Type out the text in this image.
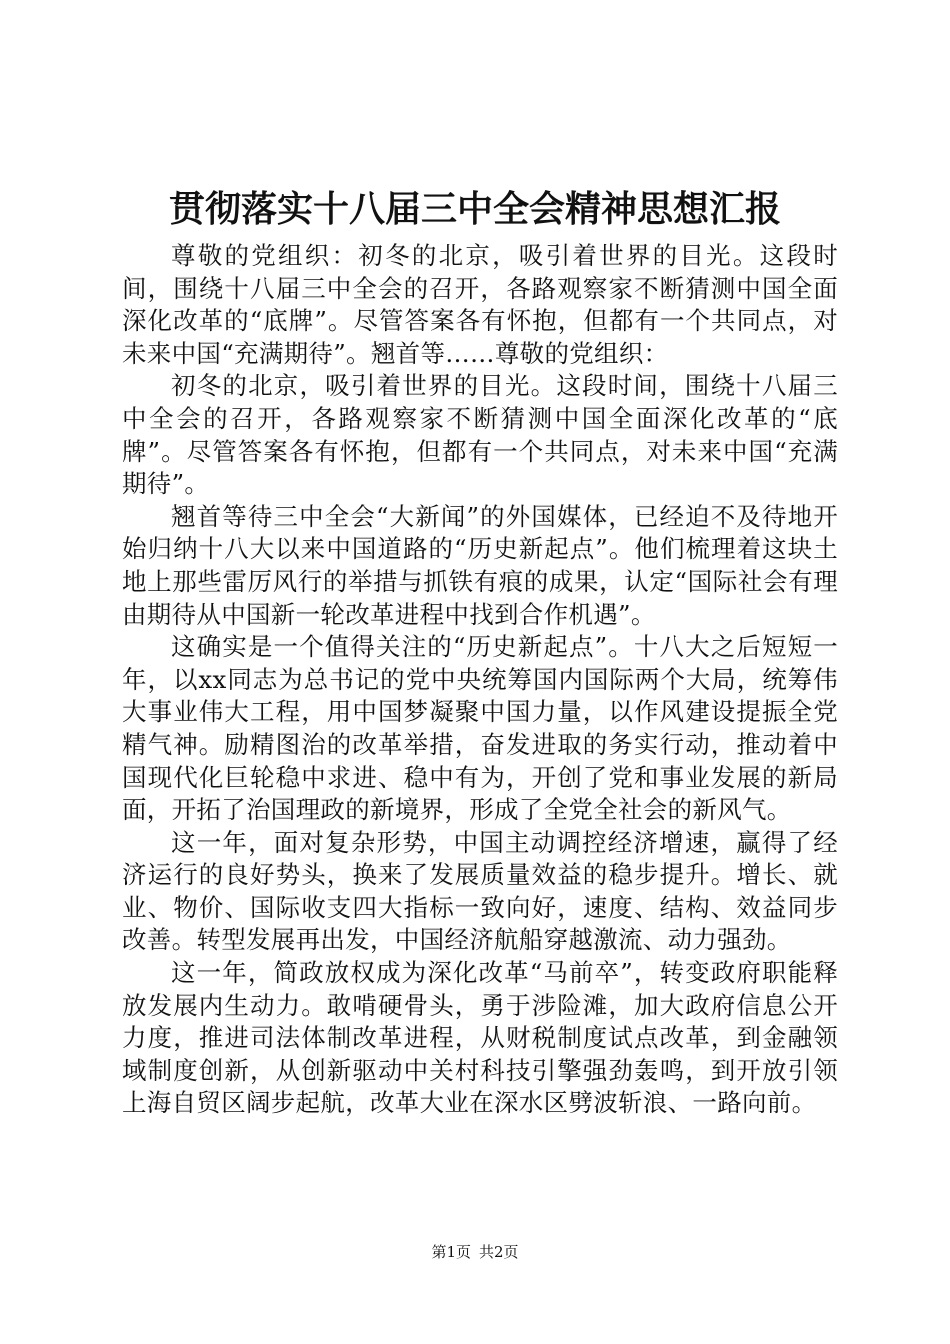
贯彻落实十八届三中全会精神思想汇报

尊敬的党组织：初冬的北京，吸引着世界的目光。这段时间，围绕十八届三中全会的召开，各路观察家不断猜测中国全面深化改革的“底牌”。尽管答案各有怀抱，但都有一个共同点，对未来中国“充满期待”。翘首等……尊敬的党组织：

初冬的北京，吸引着世界的目光。这段时间，围绕十八届三中全会的召开，各路观察家不断猜测中国全面深化改革的“底牌”。尽管答案各有怀抱，但都有一个共同点，对未来中国“充满期待”。

翘首等待三中全会“大新闻”的外国媒体，已经迫不及待地开始归纳十八大以来中国道路的“历史新起点”。他们梳理着这块土地上那些雷厉风行的举措与抓铁有痕的成果，认定“国际社会有理由期待从中国新一轮改革进程中找到合作机遇”。

这确实是一个值得关注的“历史新起点”。十八大之后短短一年，以xx同志为总书记的党中央统筹国内国际两个大局，统筹伟大事业伟大工程，用中国梦凝聚中国力量，以作风建设提振全党精气神。励精图治的改革举措，奋发进取的务实行动，推动着中国现代化巨轮稳中求进、稳中有为，开创了党和事业发展的新局面，开拓了治国理政的新境界，形成了全党全社会的新风气。

这一年，面对复杂形势，中国主动调控经济增速，赢得了经济运行的良好势头，换来了发展质量效益的稳步提升。增长、就业、物价、国际收支四大指标一致向好，速度、结构、效益同步改善。转型发展再出发，中国经济航船穿越激流、动力强劲。

这一年，简政放权成为深化改革“马前卒”，转变政府职能释放发展内生动力。敢啃硬骨头，勇于涉险滩，加大政府信息公开力度，推进司法体制改革进程，从财税制度试点改革，到金融领域制度创新，从创新驱动中关村科技引擎强劲轰鸣，到开放引领上海自贸区阔步起航，改革大业在深水区劈波斩浪、一路向前。

第1页 共2页
